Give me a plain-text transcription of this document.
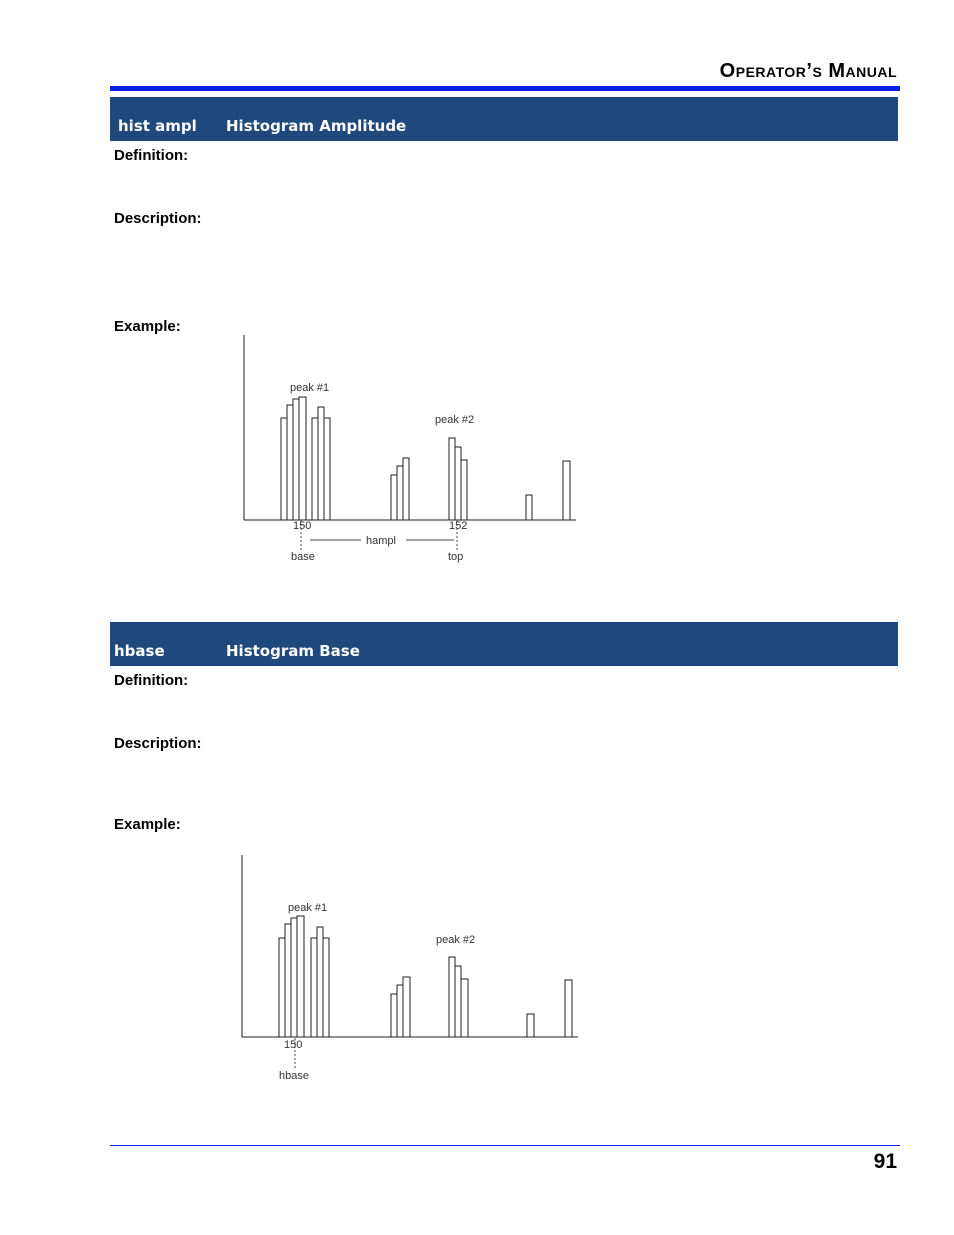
Operator’s Manual
hist ampl Histogram Amplitude
Definition:
Description:
Example:
peak #1
peak #2
150	152
hampl
base	top
hbase	Histogram Base
Definition:
Description:
Example:
peak #1
peak #2
150
hbase
91
